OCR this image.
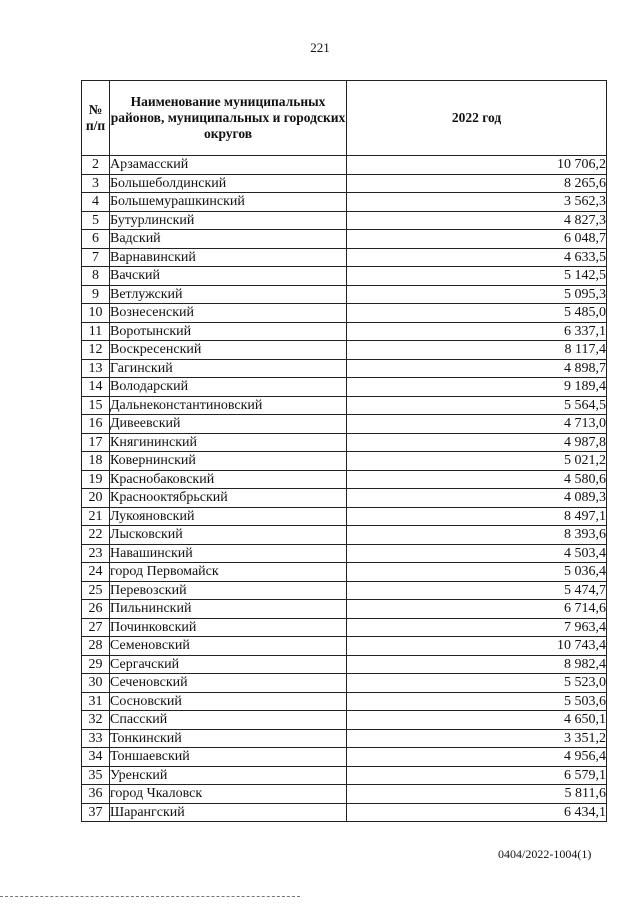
221
№ п/п	Наименование муниципальных районов, муниципальных и городских округов	2022 год
2	Арзамасский	10 706,2
3	Большеболдинский	8 265,6
4	Большемурашкинский	3 562,3
5	Бутурлинский	4 827,3
6	Вадский	6 048,7
7	Варнавинский	4 633,5
8	Вачский	5 142,5
9	Ветлужский	5 095,3
10	Вознесенский	5 485,0
11	Воротынский	6 337,1
12	Воскресенский	8 117,4
13	Гагинский	4 898,7
14	Володарский	9 189,4
15	Дальнеконстантиновский	5 564,5
16	Дивеевский	4 713,0
17	Княгининский	4 987,8
18	Ковернинский	5 021,2
19	Краснобаковский	4 580,6
20	Краснооктябрьский	4 089,3
21	Лукояновский	8 497,1
22	Лысковский	8 393,6
23	Навашинский	4 503,4
24	город Первомайск	5 036,4
25	Перевозский	5 474,7
26	Пильнинский	6 714,6
27	Починковский	7 963,4
28	Семеновский	10 743,4
29	Сергачский	8 982,4
30	Сеченовский	5 523,0
31	Сосновский	5 503,6
32	Спасский	4 650,1
33	Тонкинский	3 351,2
34	Тоншаевский	4 956,4
35	Уренский	6 579,1
36	город Чкаловск	5 811,6
37	Шарангский	6 434,1
0404/2022-1004(1)
